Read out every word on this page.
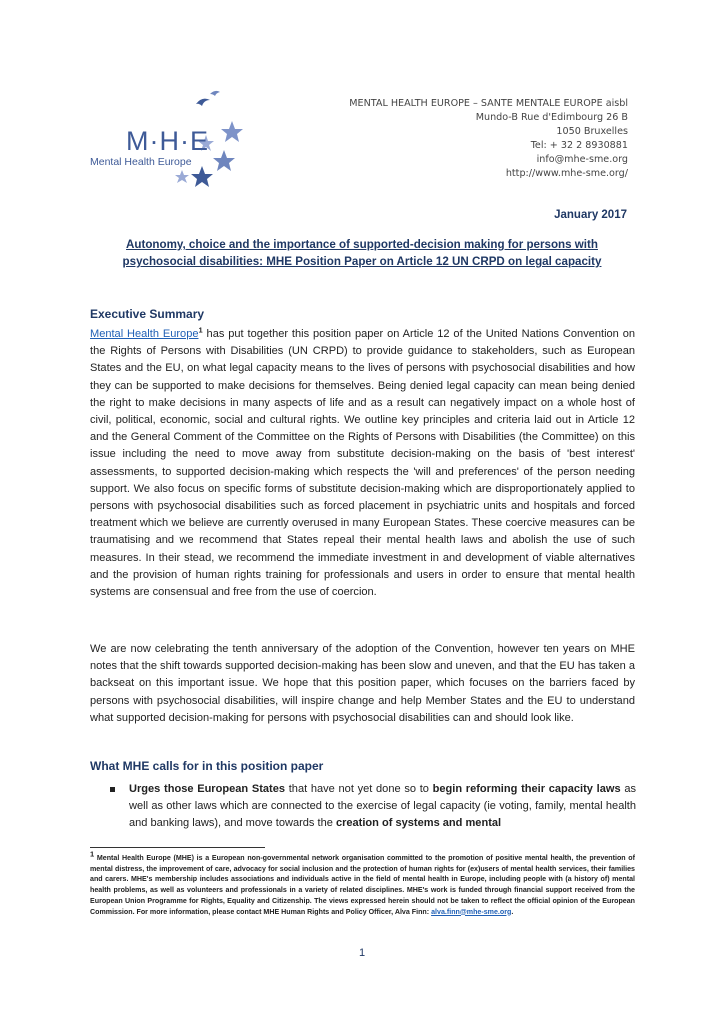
M·H·E
Mental Health Europe
MENTAL HEALTH EUROPE – SANTE MENTALE EUROPE aisbl
Mundo-B Rue d'Edimbourg 26 B
1050 Bruxelles
Tel: + 32 2 8930881
info@mhe-sme.org
http://www.mhe-sme.org/
January 2017
Autonomy, choice and the importance of supported-decision making for persons with psychosocial disabilities: MHE Position Paper on Article 12 UN CRPD on legal capacity
Executive Summary
Mental Health Europe$^1$ has put together this position paper on Article 12 of the United Nations Convention on the Rights of Persons with Disabilities (UN CRPD) to provide guidance to stakeholders, such as European States and the EU, on what legal capacity means to the lives of persons with psychosocial disabilities and how they can be supported to make decisions for themselves. Being denied legal capacity can mean being denied the right to make decisions in many aspects of life and as a result can negatively impact on a whole host of civil, political, economic, social and cultural rights. We outline key principles and criteria laid out in Article 12 and the General Comment of the Committee on the Rights of Persons with Disabilities (the Committee) on this issue including the need to move away from substitute decision-making on the basis of 'best interest' assessments, to supported decision-making which respects the 'will and preferences' of the person needing support. We also focus on specific forms of substitute decision-making which are disproportionately applied to persons with psychosocial disabilities such as forced placement in psychiatric units and hospitals and forced treatment which we believe are currently overused in many European States. These coercive measures can be traumatising and we recommend that States repeal their mental health laws and abolish the use of such measures. In their stead, we recommend the immediate investment in and development of viable alternatives and the provision of human rights training for professionals and users in order to ensure that mental health systems are consensual and free from the use of coercion.
We are now celebrating the tenth anniversary of the adoption of the Convention, however ten years on MHE notes that the shift towards supported decision-making has been slow and uneven, and that the EU has taken a backseat on this important issue. We hope that this position paper, which focuses on the barriers faced by persons with psychosocial disabilities, will inspire change and help Member States and the EU to understand what supported decision-making for persons with psychosocial disabilities can and should look like.
What MHE calls for in this position paper
Urges those European States that have not yet done so to begin reforming their capacity laws as well as other laws which are connected to the exercise of legal capacity (ie voting, family, mental health and banking laws), and move towards the creation of systems and mental
$^1$ Mental Health Europe (MHE) is a European non-governmental network organisation committed to the promotion of positive mental health, the prevention of mental distress, the improvement of care, advocacy for social inclusion and the protection of human rights for (ex)users of mental health services, their families and carers. MHE's membership includes associations and individuals active in the field of mental health in Europe, including people with (a history of) mental health problems, as well as volunteers and professionals in a variety of related disciplines. MHE's work is funded through financial support received from the European Union Programme for Rights, Equality and Citizenship. The views expressed herein should not be taken to reflect the official opinion of the European Commission. For more information, please contact MHE Human Rights and Policy Officer, Alva Finn: alva.finn@mhe-sme.org.
1
